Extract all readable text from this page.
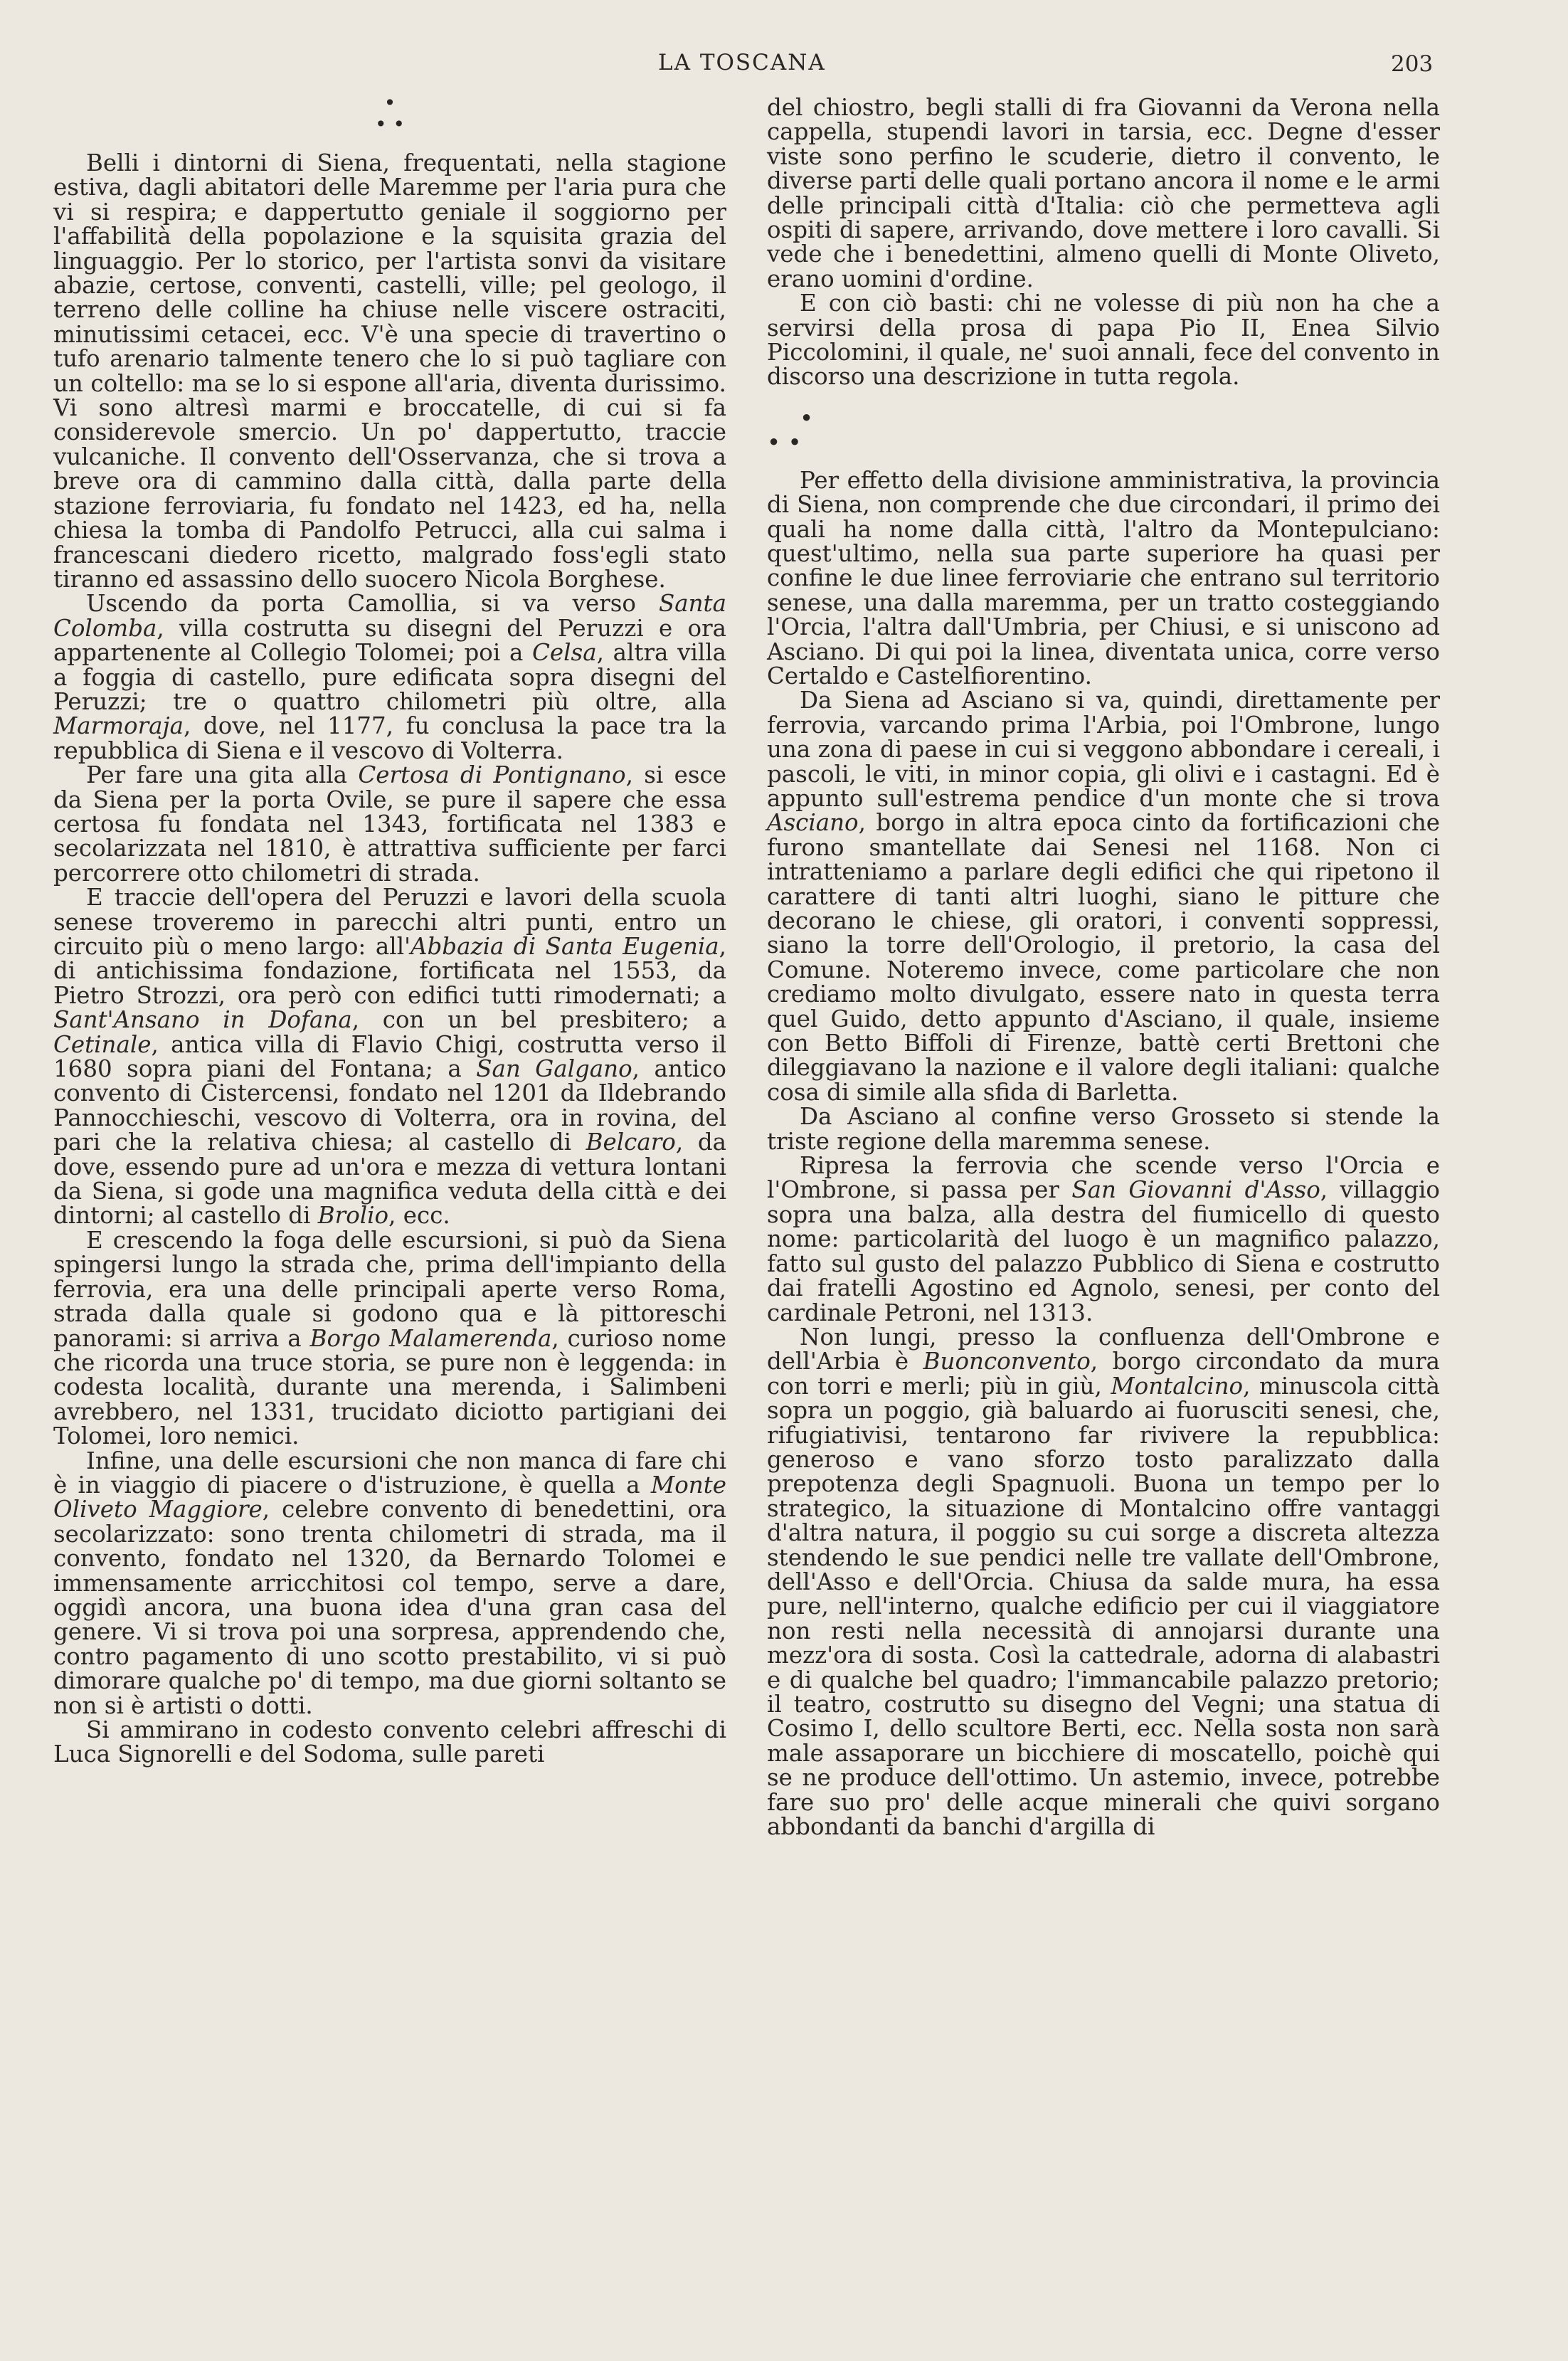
LA TOSCANA	203

•
• •

Belli i dintorni di Siena, frequentati, nella stagione estiva, dagli abitatori delle Maremme per l'aria pura che vi si respira; e dappertutto geniale il soggiorno per l'affabilità della popolazione e la squisita grazia del linguaggio. Per lo storico, per l'artista sonvi da visitare abazie, certose, conventi, castelli, ville; pel geologo, il terreno delle colline ha chiuse nelle viscere ostraciti, minutissimi cetacei, ecc. V'è una specie di travertino o tufo arenario talmente tenero che lo si può tagliare con un coltello: ma se lo si espone all'aria, diventa durissimo. Vi sono altresì marmi e broccatelle, di cui si fa considerevole smercio. Un po' dappertutto, traccie vulcaniche. Il convento dell'Osservanza, che si trova a breve ora di cammino dalla città, dalla parte della stazione ferroviaria, fu fondato nel 1423, ed ha, nella chiesa la tomba di Pandolfo Petrucci, alla cui salma i francescani diedero ricetto, malgrado foss'egli stato tiranno ed assassino dello suocero Nicola Borghese.

Uscendo da porta Camollia, si va verso Santa Colomba, villa costrutta su disegni del Peruzzi e ora appartenente al Collegio Tolomei; poi a Celsa, altra villa a foggia di castello, pure edificata sopra disegni del Peruzzi; tre o quattro chilometri più oltre, alla Marmoraja, dove, nel 1177, fu conclusa la pace tra la repubblica di Siena e il vescovo di Volterra.

Per fare una gita alla Certosa di Pontignano, si esce da Siena per la porta Ovile, se pure il sapere che essa certosa fu fondata nel 1343, fortificata nel 1383 e secolarizzata nel 1810, è attrattiva sufficiente per farci percorrere otto chilometri di strada.

E traccie dell'opera del Peruzzi e lavori della scuola senese troveremo in parecchi altri punti, entro un circuito più o meno largo: all'Abbazia di Santa Eugenia, di antichissima fondazione, fortificata nel 1553, da Pietro Strozzi, ora però con edifici tutti rimodernati; a Sant'Ansano in Dofana, con un bel presbitero; a Cetinale, antica villa di Flavio Chigi, costrutta verso il 1680 sopra piani del Fontana; a San Galgano, antico convento di Cistercensi, fondato nel 1201 da Ildebrando Pannocchieschi, vescovo di Volterra, ora in rovina, del pari che la relativa chiesa; al castello di Belcaro, da dove, essendo pure ad un'ora e mezza di vettura lontani da Siena, si gode una magnifica veduta della città e dei dintorni; al castello di Brolio, ecc.

E crescendo la foga delle escursioni, si può da Siena spingersi lungo la strada che, prima dell'impianto della ferrovia, era una delle principali aperte verso Roma, strada dalla quale si godono qua e là pittoreschi panorami: si arriva a Borgo Malamerenda, curioso nome che ricorda una truce storia, se pure non è leggenda: in codesta località, durante una merenda, i Salimbeni avrebbero, nel 1331, trucidato diciotto partigiani dei Tolomei, loro nemici.

Infine, una delle escursioni che non manca di fare chi è in viaggio di piacere o d'istruzione, è quella a Monte Oliveto Maggiore, celebre convento di benedettini, ora secolarizzato: sono trenta chilometri di strada, ma il convento, fondato nel 1320, da Bernardo Tolomei e immensamente arricchitosi col tempo, serve a dare, oggidì ancora, una buona idea d'una gran casa del genere. Vi si trova poi una sorpresa, apprendendo che, contro pagamento di uno scotto prestabilito, vi si può dimorare qualche po' di tempo, ma due giorni soltanto se non si è artisti o dotti.

Si ammirano in codesto convento celebri affreschi di Luca Signorelli e del Sodoma, sulle pareti

del chiostro, begli stalli di fra Giovanni da Verona nella cappella, stupendi lavori in tarsia, ecc. Degne d'esser viste sono perfino le scuderie, dietro il convento, le diverse parti delle quali portano ancora il nome e le armi delle principali città d'Italia: ciò che permetteva agli ospiti di sapere, arrivando, dove mettere i loro cavalli. Si vede che i benedettini, almeno quelli di Monte Oliveto, erano uomini d'ordine.

E con ciò basti: chi ne volesse di più non ha che a servirsi della prosa di papa Pio II, Enea Silvio Piccolomini, il quale, ne' suoi annali, fece del convento in discorso una descrizione in tutta regola.

•
• •

Per effetto della divisione amministrativa, la provincia di Siena, non comprende che due circondari, il primo dei quali ha nome dalla città, l'altro da Montepulciano: quest'ultimo, nella sua parte superiore ha quasi per confine le due linee ferroviarie che entrano sul territorio senese, una dalla maremma, per un tratto costeggiando l'Orcia, l'altra dall'Umbria, per Chiusi, e si uniscono ad Asciano. Di qui poi la linea, diventata unica, corre verso Certaldo e Castelfiorentino.

Da Siena ad Asciano si va, quindi, direttamente per ferrovia, varcando prima l'Arbia, poi l'Ombrone, lungo una zona di paese in cui si veggono abbondare i cereali, i pascoli, le viti, in minor copia, gli olivi e i castagni. Ed è appunto sull'estrema pendice d'un monte che si trova Asciano, borgo in altra epoca cinto da fortificazioni che furono smantellate dai Senesi nel 1168. Non ci intratteniamo a parlare degli edifici che qui ripetono il carattere di tanti altri luoghi, siano le pitture che decorano le chiese, gli oratori, i conventi soppressi, siano la torre dell'Orologio, il pretorio, la casa del Comune. Noteremo invece, come particolare che non crediamo molto divulgato, essere nato in questa terra quel Guido, detto appunto d'Asciano, il quale, insieme con Betto Biffoli di Firenze, battè certi Brettoni che dileggiavano la nazione e il valore degli italiani: qualche cosa di simile alla sfida di Barletta.

Da Asciano al confine verso Grosseto si stende la triste regione della maremma senese.

Ripresa la ferrovia che scende verso l'Orcia e l'Ombrone, si passa per San Giovanni d'Asso, villaggio sopra una balza, alla destra del fiumicello di questo nome: particolarità del luogo è un magnifico palazzo, fatto sul gusto del palazzo Pubblico di Siena e costrutto dai fratelli Agostino ed Agnolo, senesi, per conto del cardinale Petroni, nel 1313.

Non lungi, presso la confluenza dell'Ombrone e dell'Arbia è Buonconvento, borgo circondato da mura con torri e merli; più in giù, Montalcino, minuscola città sopra un poggio, già baluardo ai fuorusciti senesi, che, rifugiativisi, tentarono far rivivere la repubblica: generoso e vano sforzo tosto paralizzato dalla prepotenza degli Spagnuoli. Buona un tempo per lo strategico, la situazione di Montalcino offre vantaggi d'altra natura, il poggio su cui sorge a discreta altezza stendendo le sue pendici nelle tre vallate dell'Ombrone, dell'Asso e dell'Orcia. Chiusa da salde mura, ha essa pure, nell'interno, qualche edificio per cui il viaggiatore non resti nella necessità di annojarsi durante una mezz'ora di sosta. Così la cattedrale, adorna di alabastri e di qualche bel quadro; l'immancabile palazzo pretorio; il teatro, costrutto su disegno del Vegni; una statua di Cosimo I, dello scultore Berti, ecc. Nella sosta non sarà male assaporare un bicchiere di moscatello, poichè qui se ne produce dell'ottimo. Un astemio, invece, potrebbe fare suo pro' delle acque minerali che quivi sorgano abbondanti da banchi d'argilla di
